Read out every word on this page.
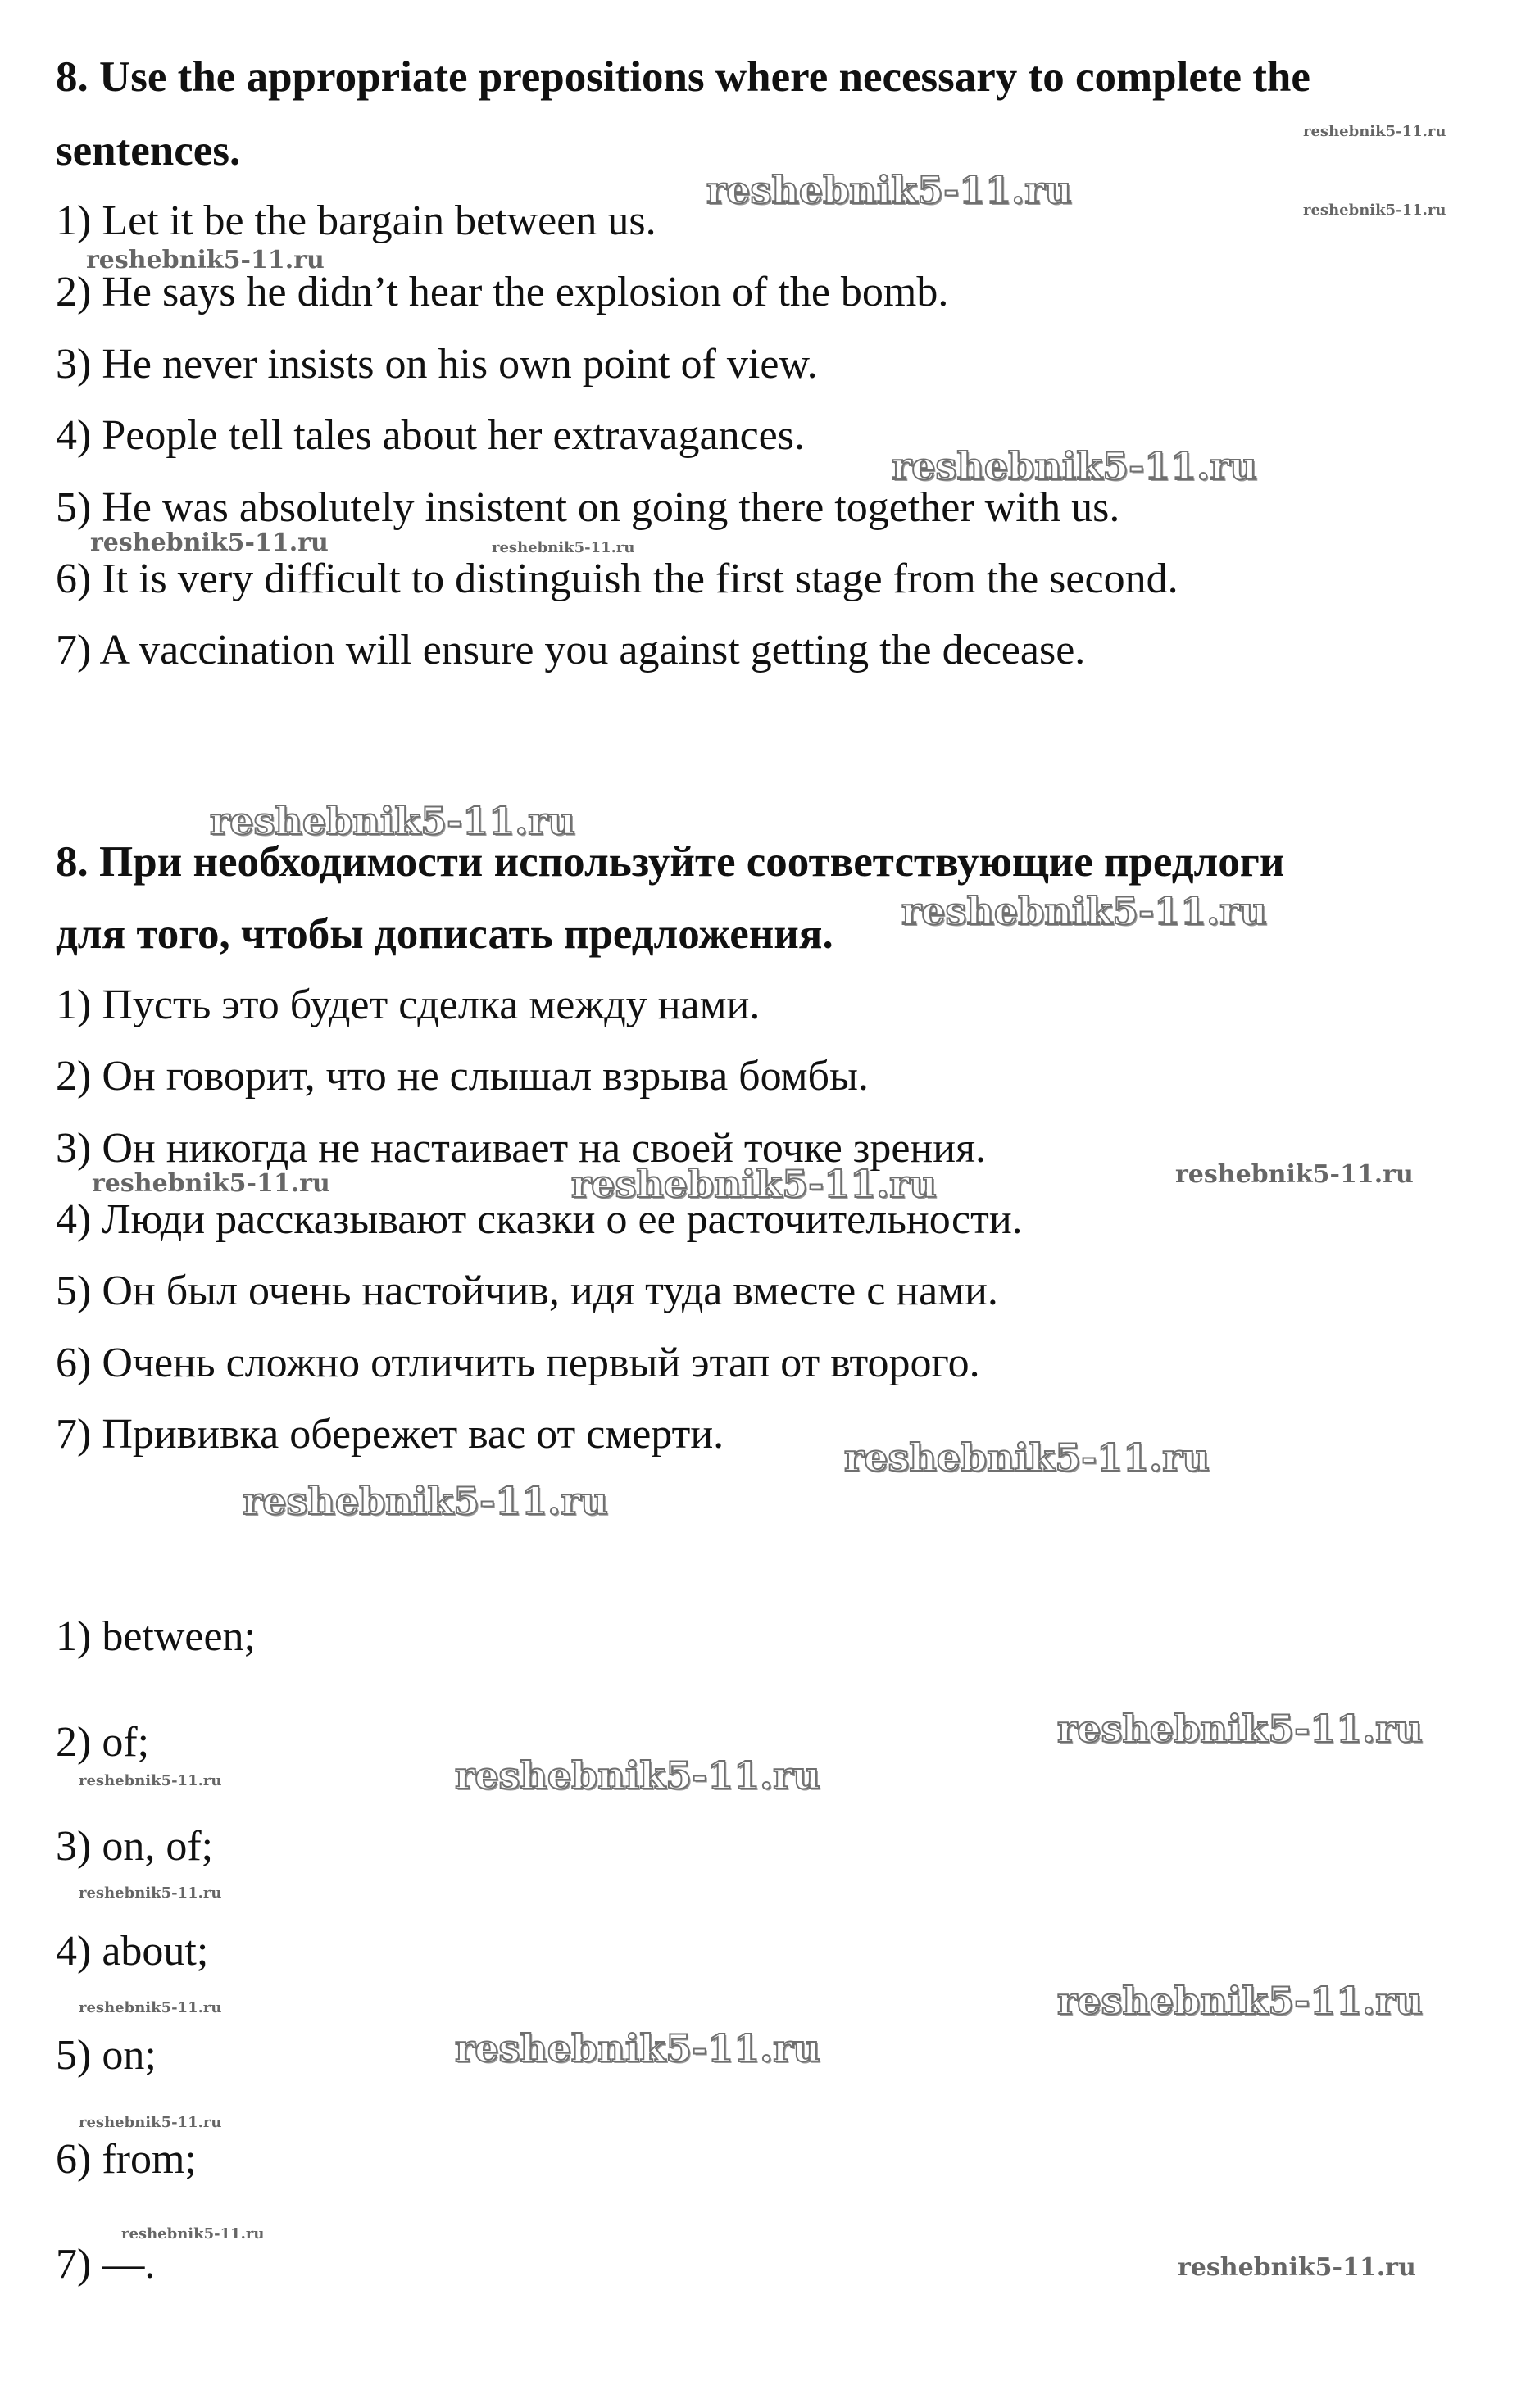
8. Use the appropriate prepositions where necessary to complete the
sentences.
1) Let it be the bargain between us.
2) He says he didn’t hear the explosion of the bomb.
3) He never insists on his own point of view.
4) People tell tales about her extravagances.
5) He was absolutely insistent on going there together with us.
6) It is very difficult to distinguish the first stage from the second.
7) A vaccination will ensure you against getting the decease.
8. При необходимости используйте соответствующие предлоги
для того, чтобы дописать предложения.
1) Пусть это будет сделка между нами.
2) Он говорит, что не слышал взрыва бомбы.
3) Он никогда не настаивает на своей точке зрения.
4) Люди рассказывают сказки о ее расточительности.
5) Он был очень настойчив, идя туда вместе с нами.
6) Очень сложно отличить первый этап от второго.
7) Прививка обережет вас от смерти.
1) between;
2) of;
3) on, of;
4) about;
5) on;
6) from;
7) —.
reshebnik5-11.ru
reshebnik5-11.ru
reshebnik5-11.ru
reshebnik5-11.ru
reshebnik5-11.ru
reshebnik5-11.ru	reshebnik5-11.ru
reshebnik5-11.ru
reshebnik5-11.ru
reshebnik5-11.ru	reshebnik5-11.ru	reshebnik5-11.ru
reshebnik5-11.ru
reshebnik5-11.ru
reshebnik5-11.ru
reshebnik5-11.ru
reshebnik5-11.ru
reshebnik5-11.ru
reshebnik5-11.ru
reshebnik5-11.ru
reshebnik5-11.ru
reshebnik5-11.ru
reshebnik5-11.ru
reshebnik5-11.ru
